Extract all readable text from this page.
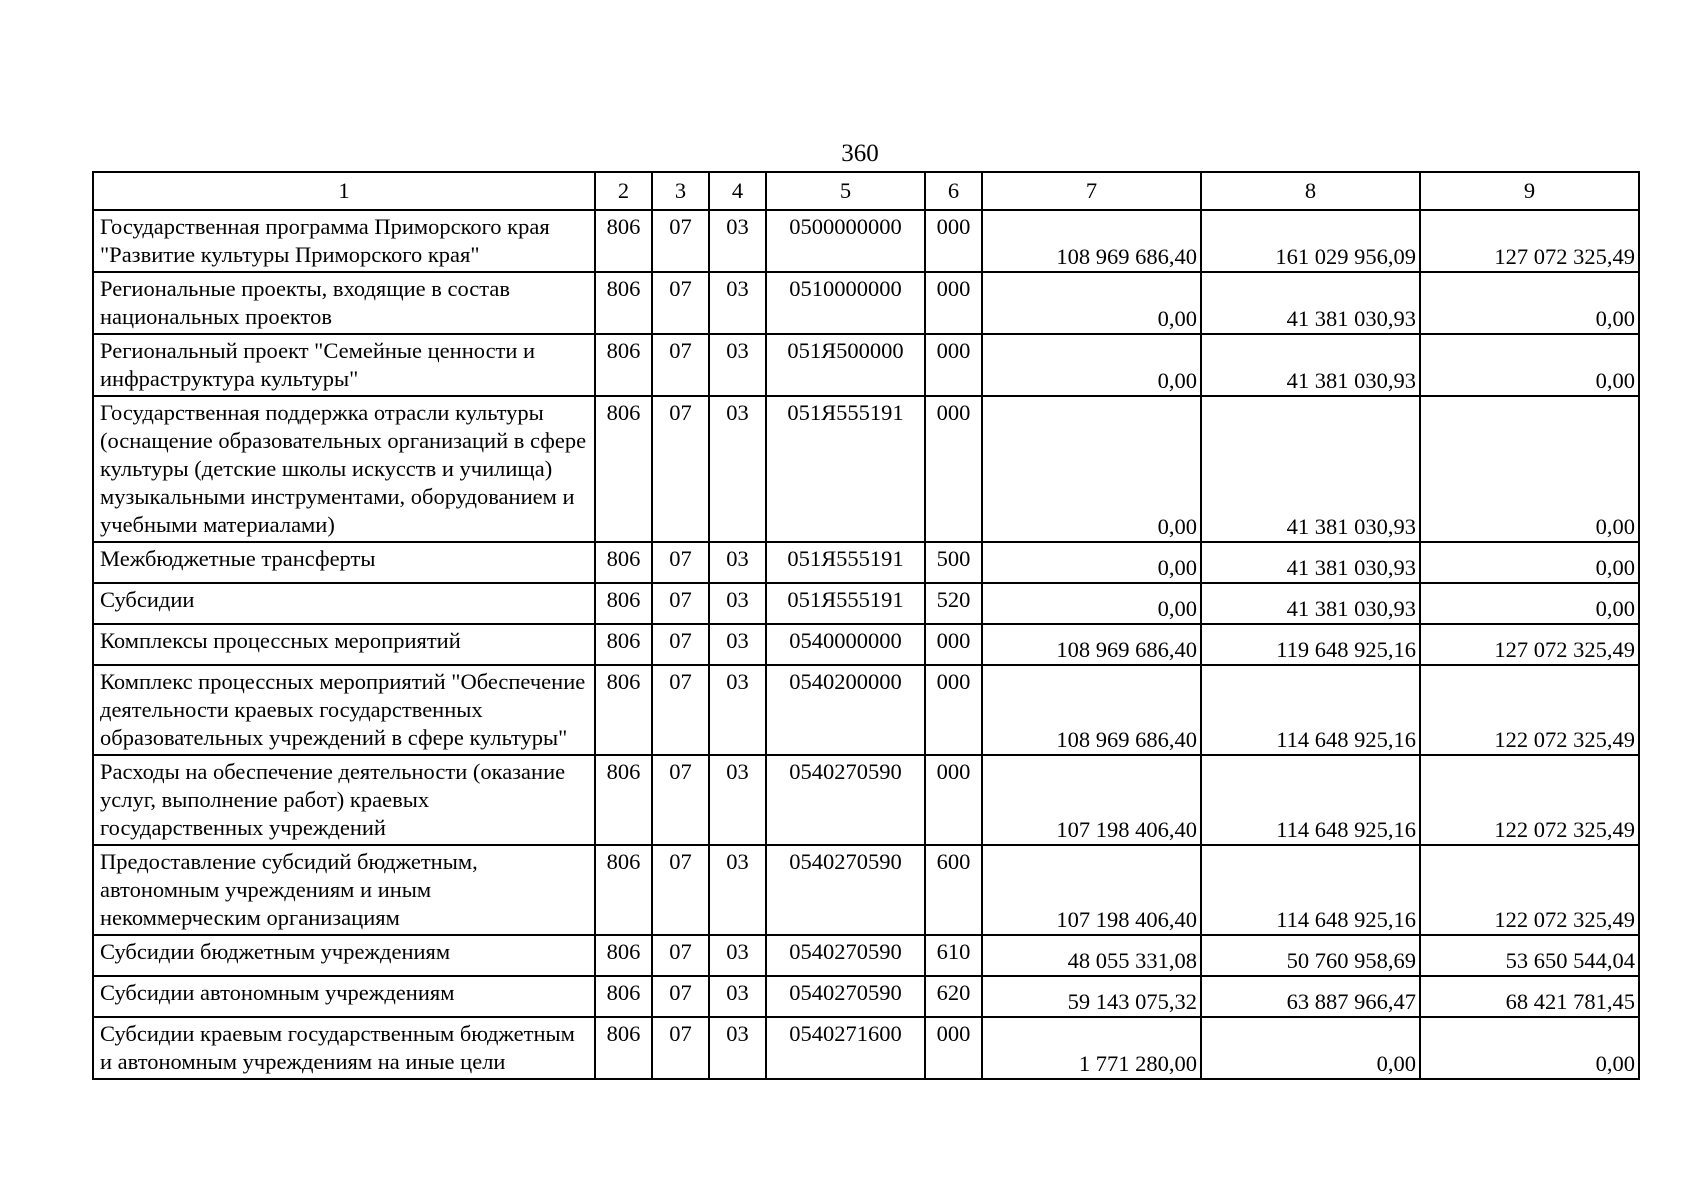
360
1	2	3	4	5	6	7	8	9
Государственная программа Приморского края "Развитие культуры Приморского края"	806	07	03	0500000000	000	108 969 686,40	161 029 956,09	127 072 325,49
Региональные проекты, входящие в состав национальных проектов	806	07	03	0510000000	000	0,00	41 381 030,93	0,00
Региональный проект "Семейные ценности и инфраструктура культуры"	806	07	03	051Я500000	000	0,00	41 381 030,93	0,00
Государственная поддержка отрасли культуры (оснащение образовательных организаций в сфере культуры (детские школы искусств и училища) музыкальными инструментами, оборудованием и учебными материалами)	806	07	03	051Я555191	000	0,00	41 381 030,93	0,00
Межбюджетные трансферты	806	07	03	051Я555191	500	0,00	41 381 030,93	0,00
Субсидии	806	07	03	051Я555191	520	0,00	41 381 030,93	0,00
Комплексы процессных мероприятий	806	07	03	0540000000	000	108 969 686,40	119 648 925,16	127 072 325,49
Комплекс процессных мероприятий "Обеспечение деятельности краевых государственных образовательных учреждений в сфере культуры"	806	07	03	0540200000	000	108 969 686,40	114 648 925,16	122 072 325,49
Расходы на обеспечение деятельности (оказание услуг, выполнение работ) краевых государственных учреждений	806	07	03	0540270590	000	107 198 406,40	114 648 925,16	122 072 325,49
Предоставление субсидий бюджетным, автономным учреждениям и иным некоммерческим организациям	806	07	03	0540270590	600	107 198 406,40	114 648 925,16	122 072 325,49
Субсидии бюджетным учреждениям	806	07	03	0540270590	610	48 055 331,08	50 760 958,69	53 650 544,04
Субсидии автономным учреждениям	806	07	03	0540270590	620	59 143 075,32	63 887 966,47	68 421 781,45
Субсидии краевым государственным бюджетным и автономным учреждениям на иные цели	806	07	03	0540271600	000	1 771 280,00	0,00	0,00
